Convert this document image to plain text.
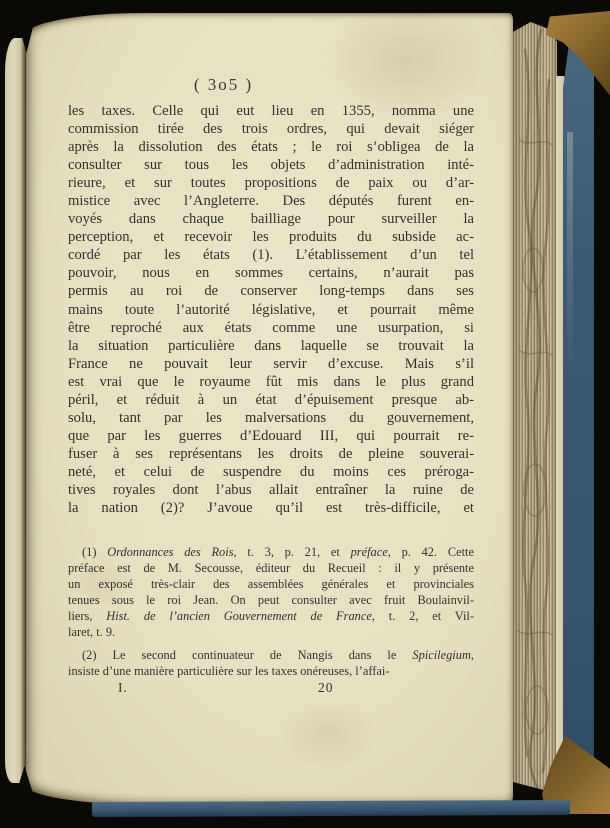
( 3o5 )
les taxes. Celle qui eut lieu en 1355, nomma une
commission tirée des trois ordres, qui devait siéger
après la dissolution des états ; le roi s’obligea de la
consulter sur tous les objets d’administration inté-
rieure, et sur toutes propositions de paix ou d’ar-
mistice avec l’Angleterre. Des députés furent en-
voyés dans chaque bailliage pour surveiller la
perception, et recevoir les produits du subside ac-
cordé par les états (1). L’établissement d’un tel
pouvoir, nous en sommes certains, n’aurait pas
permis au roi de conserver long-temps dans ses
mains toute l’autorité législative, et pourrait même
être reproché aux états comme une usurpation, si
la situation particulière dans laquelle se trouvait la
France ne pouvait leur servir d’excuse. Mais s’il
est vrai que le royaume fût mis dans le plus grand
péril, et réduit à un état d’épuisement presque ab-
solu, tant par les malversations du gouvernement,
que par les guerres d’Edouard III, qui pourrait re-
fuser à ses représentans les droits de pleine souverai-
neté, et celui de suspendre du moins ces préroga-
tives royales dont l’abus allait entraîner la ruine de
la nation (2)? J’avoue qu’il est très-difficile, et
(1) Ordonnances des Rois, t. 3, p. 21, et préface, p. 42. Cette
préface est de M. Secousse, éditeur du Recueil : il y présente
un exposé très-clair des assemblées générales et provinciales
tenues sous le roi Jean. On peut consulter avec fruit Boulainvil-
liers, Hist. de l’ancien Gouvernement de France, t. 2, et Vil-
laret, t. 9.
(2) Le second continuateur de Nangis dans le Spicilegium,
insiste d’une manière particulière sur les taxes onéreuses, l’affai-
I.	20
